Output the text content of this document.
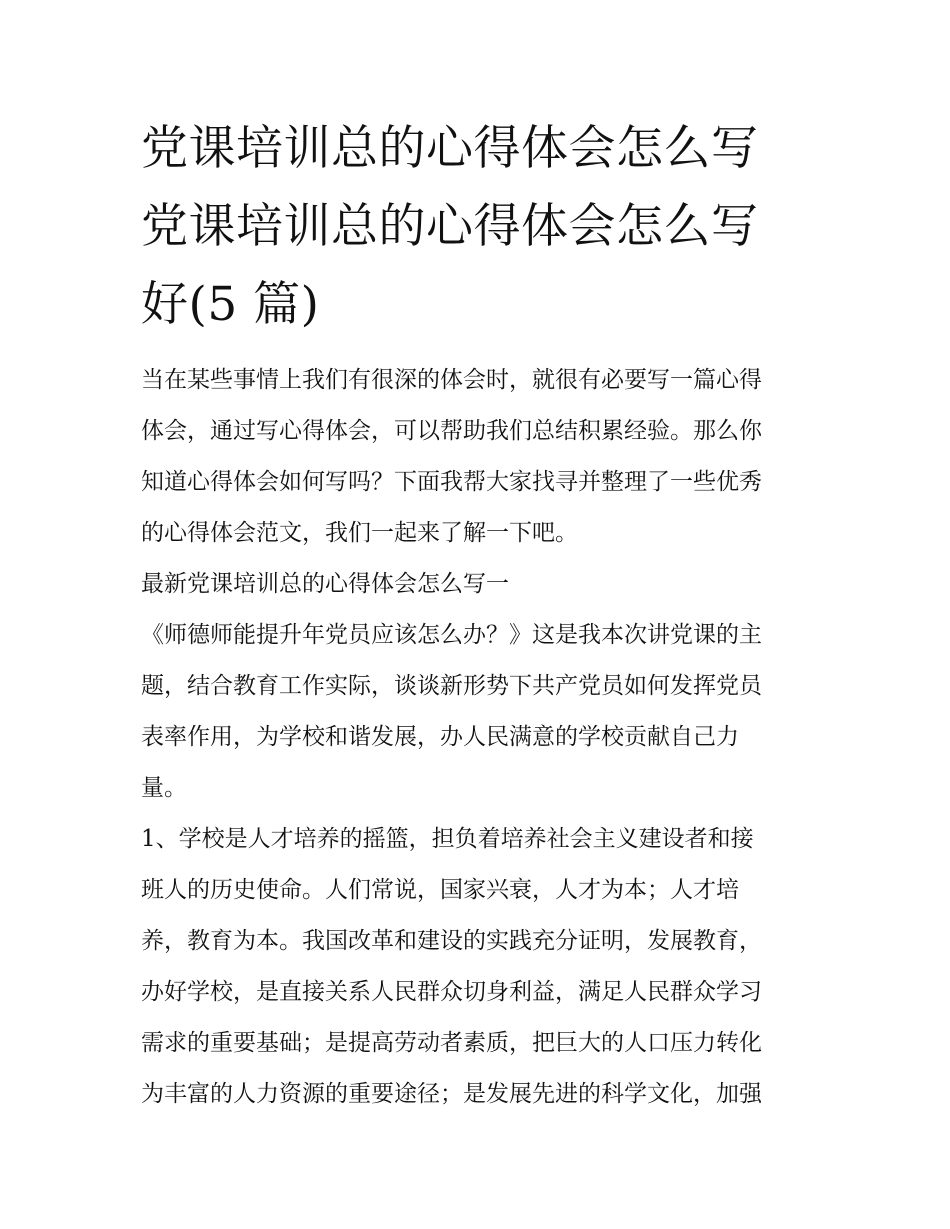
党课培训总的心得体会怎么写
党课培训总的心得体会怎么写
好(5 篇)
当在某些事情上我们有很深的体会时，就很有必要写一篇心得
体会，通过写心得体会，可以帮助我们总结积累经验。那么你
知道心得体会如何写吗？下面我帮大家找寻并整理了一些优秀
的心得体会范文，我们一起来了解一下吧。
最新党课培训总的心得体会怎么写一
《师德师能提升年党员应该怎么办？》这是我本次讲党课的主
题，结合教育工作实际，谈谈新形势下共产党员如何发挥党员
表率作用，为学校和谐发展，办人民满意的学校贡献自己力
量。
1、学校是人才培养的摇篮，担负着培养社会主义建设者和接
班人的历史使命。人们常说，国家兴衰，人才为本；人才培
养，教育为本。我国改革和建设的实践充分证明，发展教育，
办好学校，是直接关系人民群众切身利益，满足人民群众学习
需求的重要基础；是提高劳动者素质，把巨大的人口压力转化
为丰富的人力资源的重要途径；是发展先进的科学文化，加强
